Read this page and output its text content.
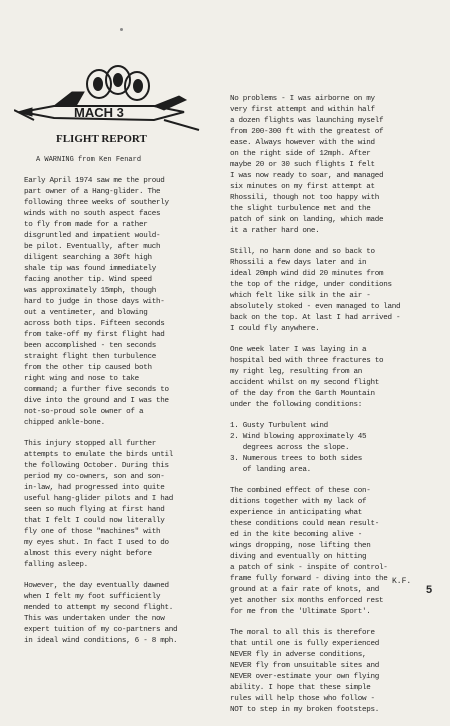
MACH 3
FLIGHT REPORT
A WARNING from Ken Fenard

Early April 1974 saw me the proud
part owner of a Hang-glider. The
following three weeks of southerly
winds with no south aspect faces
to fly from made for a rather
disgruntled and impatient would-
be pilot. Eventually, after much
diligent searching a 30ft high
shale tip was found immediately
facing another tip. Wind speed
was approximately 15mph, though
hard to judge in those days with-
out a ventimeter, and blowing
across both tips. Fifteen seconds
from take-off my first flight had
been accomplished - ten seconds
straight flight then turbulence
from the other tip caused both
right wing and nose to take
command; a further five seconds to
dive into the ground and I was the
not-so-proud sole owner of a
chipped ankle-bone.

This injury stopped all further
attempts to emulate the birds until
the following October. During this
period my co-owners, son and son-
in-law, had progressed into quite
useful hang-glider pilots and I had
seen so much flying at first hand
that I felt I could now literally
fly one of those "machines" with
my eyes shut. In fact I used to do
almost this every night before
falling asleep.

However, the day eventually dawned
when I felt my foot sufficiently
mended to attempt my second flight.
This was undertaken under the now
expert tuition of my co-partners and
in ideal wind conditions, 6 - 8 mph.

No problems - I was airborne on my
very first attempt and within half
a dozen flights was launching myself
from 200-300 ft with the greatest of
ease. Always however with the wind
on the right side of 12mph. After
maybe 20 or 30 such flights I felt
I was now ready to soar, and managed
six minutes on my first attempt at
Rhossili, though not too happy with
the slight turbulence met and the
patch of sink on landing, which made
it a rather hard one.

Still, no harm done and so back to
Rhossili a few days later and in
ideal 20mph wind did 20 minutes from
the top of the ridge, under conditions
which felt like silk in the air -
absolutely stoked - even managed to land
back on the top. At last I had arrived -
I could fly anywhere.

One week later I was laying in a
hospital bed with three fractures to
my right leg, resulting from an
accident whilst on my second flight
of the day from the Garth Mountain
under the following conditions:

1. Gusty Turbulent wind
2. Wind blowing approximately 45
degrees across the slope.
3. Numerous trees to both sides
of landing area.

The combined effect of these con-
ditions together with my lack of
experience in anticipating what
these conditions could mean result-
ed in the kite becoming alive -
wings dropping, nose lifting then
diving and eventually on hitting
a patch of sink - inspite of control-
frame fully forward - diving into the
ground at a fair rate of knots, and
yet another six months enforced rest
for me from the 'Ultimate Sport'.

The moral to all this is therefore
that until one is fully experienced
NEVER fly in adverse conditions,
NEVER fly from unsuitable sites and
NEVER over-estimate your own flying
ability. I hope that these simple
rules will help those who follow -
NOT to step in my broken footsteps.

K.F.
5
